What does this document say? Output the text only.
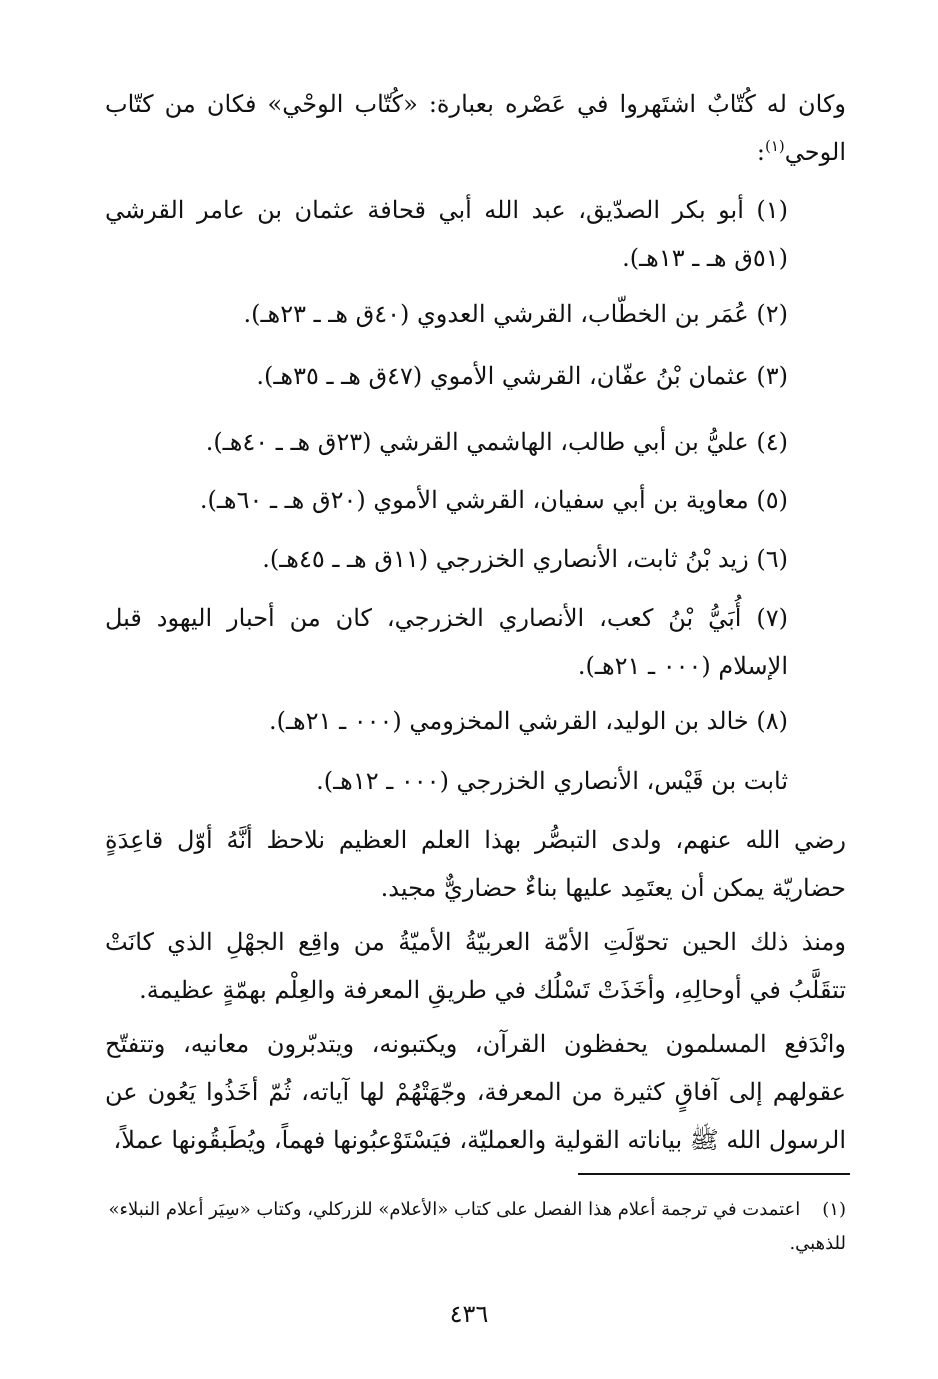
وكان له كُتّابٌ اشتَهروا في عَصْره بعبارة: «كُتّاب الوحْي» فكان من كتّاب الوحي$^{(١)}$:

(١) أبو بكر الصدّيق، عبد الله أبي قحافة عثمان بن عامر القرشي (٥١ق هـ ـ ١٣هـ).

(٢) عُمَر بن الخطّاب، القرشي العدوي (٤٠ق هـ ـ ٢٣هـ).

(٣) عثمان بْنُ عفّان، القرشي الأموي (٤٧ق هـ ـ ٣٥هـ).

(٤) عليُّ بن أبي طالب، الهاشمي القرشي (٢٣ق هـ ـ ٤٠هـ).

(٥) معاوية بن أبي سفيان، القرشي الأموي (٢٠ق هـ ـ ٦٠هـ).

(٦) زيد بْنُ ثابت، الأنصاري الخزرجي (١١ق هـ ـ ٤٥هـ).

(٧) أُبَيُّ بْنُ كعب، الأنصاري الخزرجي، كان من أحبار اليهود قبل الإسلام (٠٠٠ ـ ٢١هـ).

(٨) خالد بن الوليد، القرشي المخزومي (٠٠٠ ـ ٢١هـ).

ثابت بن قَيْس، الأنصاري الخزرجي (٠٠٠ ـ ١٢هـ).

رضي الله عنهم، ولدى التبصُّر بهذا العلم العظيم نلاحظ أنَّهُ أوّل قاعِدَةٍ حضاريّة يمكن أن يعتَمِد عليها بناءٌ حضاريٌّ مجيد.

ومنذ ذلك الحين تحوّلَتِ الأمّة العربيّةُ الأميّةُ من واقِع الجهْلِ الذي كانَتْ تتقَلَّبُ في أوحالِهِ، وأخَذَتْ تَسْلُك في طريقِ المعرفة والعِلْم بهمّةٍ عظيمة.

وانْدَفع المسلمون يحفظون القرآن، ويكتبونه، ويتدبّرون معانيه، وتتفتّح عقولهم إلى آفاقٍ كثيرة من المعرفة، وجّهَتْهُمْ لها آياته، ثُمّ أخَذُوا يَعُون عن الرسول الله ﷺ بياناته القولية والعمليّة، فيَسْتَوْعبُونها فهماً، ويُطَبقُونها عملاً،

(١)اعتمدت في ترجمة أعلام هذا الفصل على كتاب «الأعلام» للزركلي، وكتاب «سِيَر أعلام النبلاء» للذهبي.

٤٣٦
